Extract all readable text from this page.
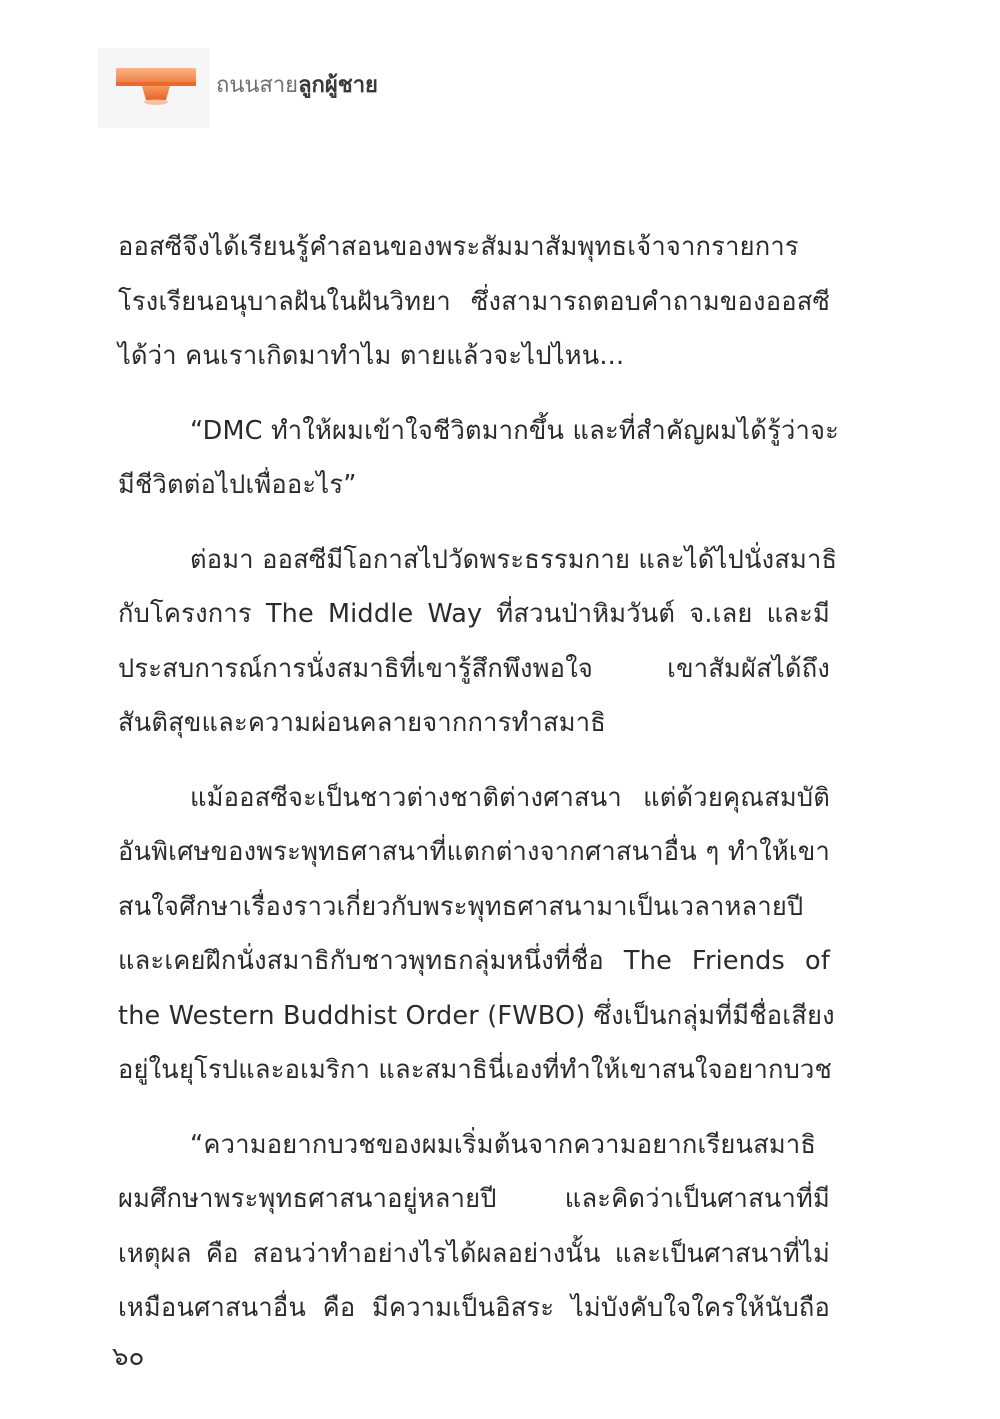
ถนนสายลูกผู้ชาย

ออสซีจึงได้เรียนรู้คำสอนของพระสัมมาสัมพุทธเจ้าจากรายการ
โรงเรียนอนุบาลฝันในฝันวิทยา ซึ่งสามารถตอบคำถามของออสซี
ได้ว่า คนเราเกิดมาทำไม ตายแล้วจะไปไหน...

“DMC ทำให้ผมเข้าใจชีวิตมากขึ้น และที่สำคัญผมได้รู้ว่าจะ
มีชีวิตต่อไปเพื่ออะไร”

ต่อมา ออสซีมีโอกาสไปวัดพระธรรมกาย และได้ไปนั่งสมาธิ
กับโครงการ The Middle Way ที่สวนป่าหิมวันต์ จ.เลย และมี
ประสบการณ์การนั่งสมาธิที่เขารู้สึกพึงพอใจ เขาสัมผัสได้ถึง
สันติสุขและความผ่อนคลายจากการทำสมาธิ

แม้ออสซีจะเป็นชาวต่างชาติต่างศาสนา แต่ด้วยคุณสมบัติ
อันพิเศษของพระพุทธศาสนาที่แตกต่างจากศาสนาอื่น ๆ ทำให้เขา
สนใจศึกษาเรื่องราวเกี่ยวกับพระพุทธศาสนามาเป็นเวลาหลายปี
และเคยฝึกนั่งสมาธิกับชาวพุทธกลุ่มหนึ่งที่ชื่อ The Friends of
the Western Buddhist Order (FWBO) ซึ่งเป็นกลุ่มที่มีชื่อเสียง
อยู่ในยุโรปและอเมริกา และสมาธินี่เองที่ทำให้เขาสนใจอยากบวช

“ความอยากบวชของผมเริ่มต้นจากความอยากเรียนสมาธิ
ผมศึกษาพระพุทธศาสนาอยู่หลายปี และคิดว่าเป็นศาสนาที่มี
เหตุผล คือ สอนว่าทำอย่างไรได้ผลอย่างนั้น และเป็นศาสนาที่ไม่
เหมือนศาสนาอื่น คือ มีความเป็นอิสระ ไม่บังคับใจใครให้นับถือ

๖๐
